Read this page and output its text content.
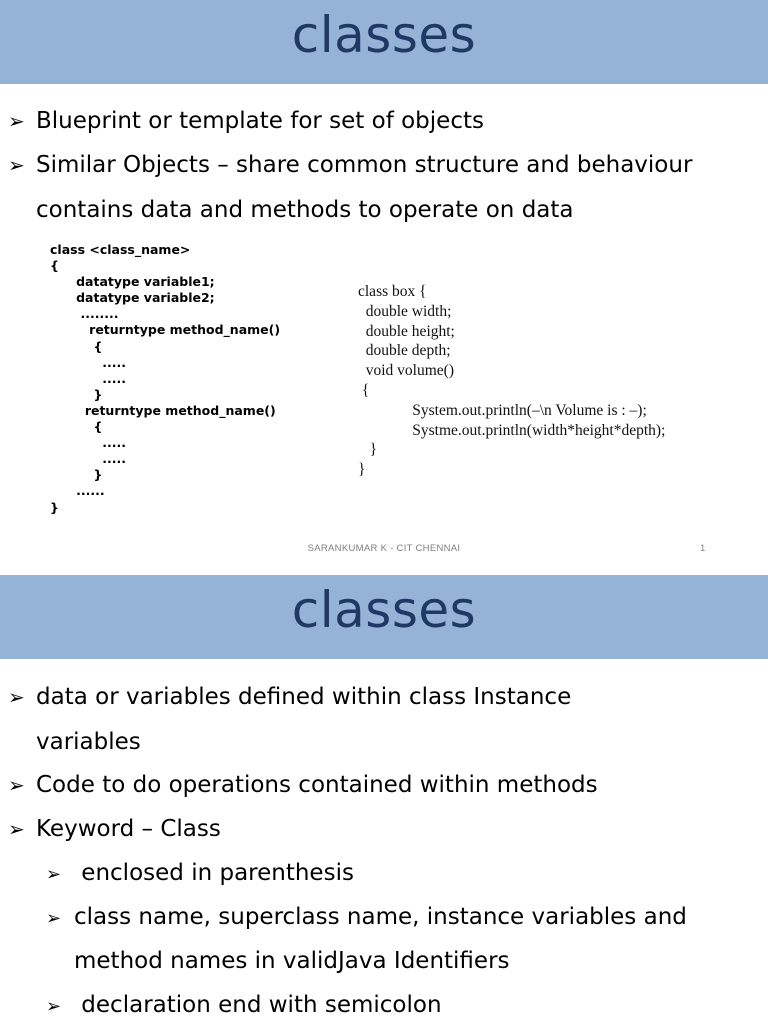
classes
➢ Blueprint or template for set of objects
➢ Similar Objects – share common structure and behaviour
contains data and methods to operate on data
class <class_name>
{
datatype variable1;
datatype variable2;
........
returntype method_name()
{
.....
.....
}
returntype method_name()
{
.....
.....
}
......
}
class box {
double width;
double height;
double depth;
void volume()
{
System.out.println(–\n Volume is : –);
Systme.out.println(width*height*depth);
}
}
SARANKUMAR K - CIT CHENNAI	1
classes
➢ data or variables defined within class Instance
variables
➢ Code to do operations contained within methods
➢ Keyword – Class
➢ enclosed in parenthesis
➢ class name, superclass name, instance variables and
method names in validJava Identifiers
➢ declaration end with semicolon
